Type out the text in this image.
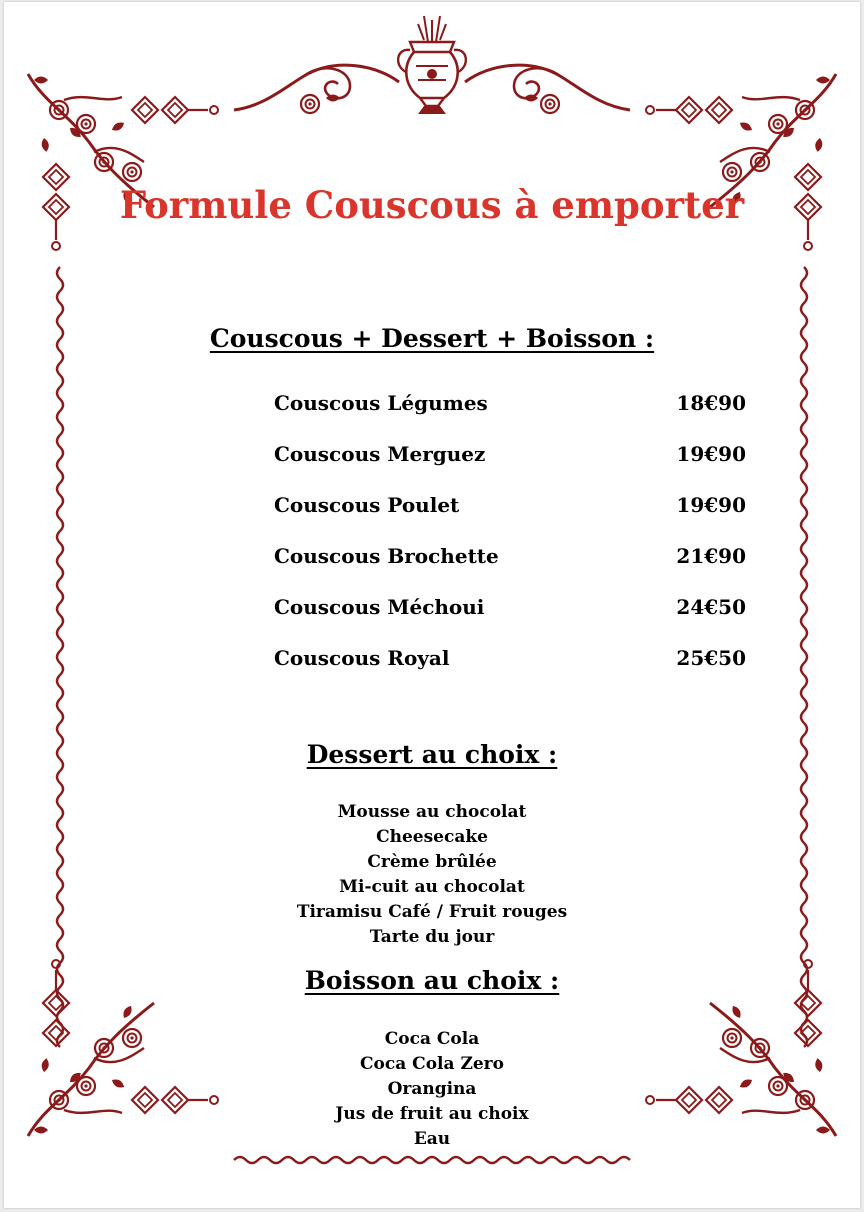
Formule Couscous à emporter
Couscous + Dessert + Boisson :
Couscous Légumes	18€90
Couscous Merguez	19€90
Couscous Poulet	19€90
Couscous Brochette	21€90
Couscous Méchoui	24€50
Couscous Royal	25€50
Dessert au choix :
Mousse au chocolat
Cheesecake
Crème brûlée
Mi-cuit au chocolat
Tiramisu Café / Fruit rouges
Tarte du jour
Boisson au choix :
Coca Cola
Coca Cola Zero
Orangina
Jus de fruit au choix
Eau
